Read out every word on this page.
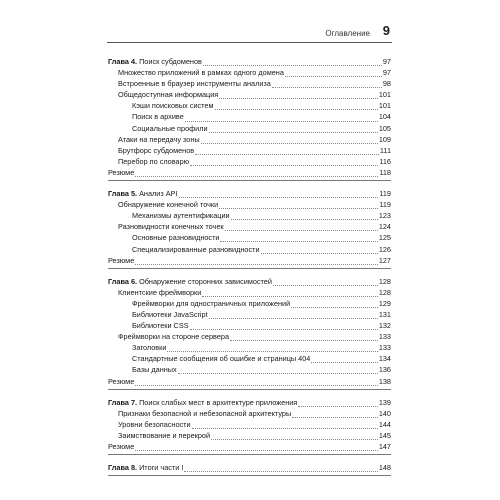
Оглавление 9
Глава 4. Поиск субдоменов	97
Множество приложений в рамках одного домена	97
Встроенные в браузер инструменты анализа	98
Общедоступная информация	101
Кэши поисковых систем	101
Поиск в архиве	104
Социальные профили	105
Атаки на передачу зоны	109
Брутфорс субдоменов	111
Перебор по словарю	116
Резюме	118
Глава 5. Анализ API	119
Обнаружение конечной точки	119
Механизмы аутентификации	123
Разновидности конечных точек	124
Основные разновидности	125
Специализированные разновидности	126
Резюме	127
Глава 6. Обнаружение сторонних зависимостей	128
Клиентские фреймворки	128
Фреймворки для одностраничных приложений	129
Библиотеки JavaScript	131
Библиотеки CSS	132
Фреймворки на стороне сервера	133
Заголовки	133
Стандартные сообщения об ошибке и страницы 404	134
Базы данных	136
Резюме	138
Глава 7. Поиск слабых мест в архитектуре приложения	139
Признаки безопасной и небезопасной архитектуры	140
Уровни безопасности	144
Заимствование и перекрой	145
Резюме	147
Глава 8. Итоги части I	148
